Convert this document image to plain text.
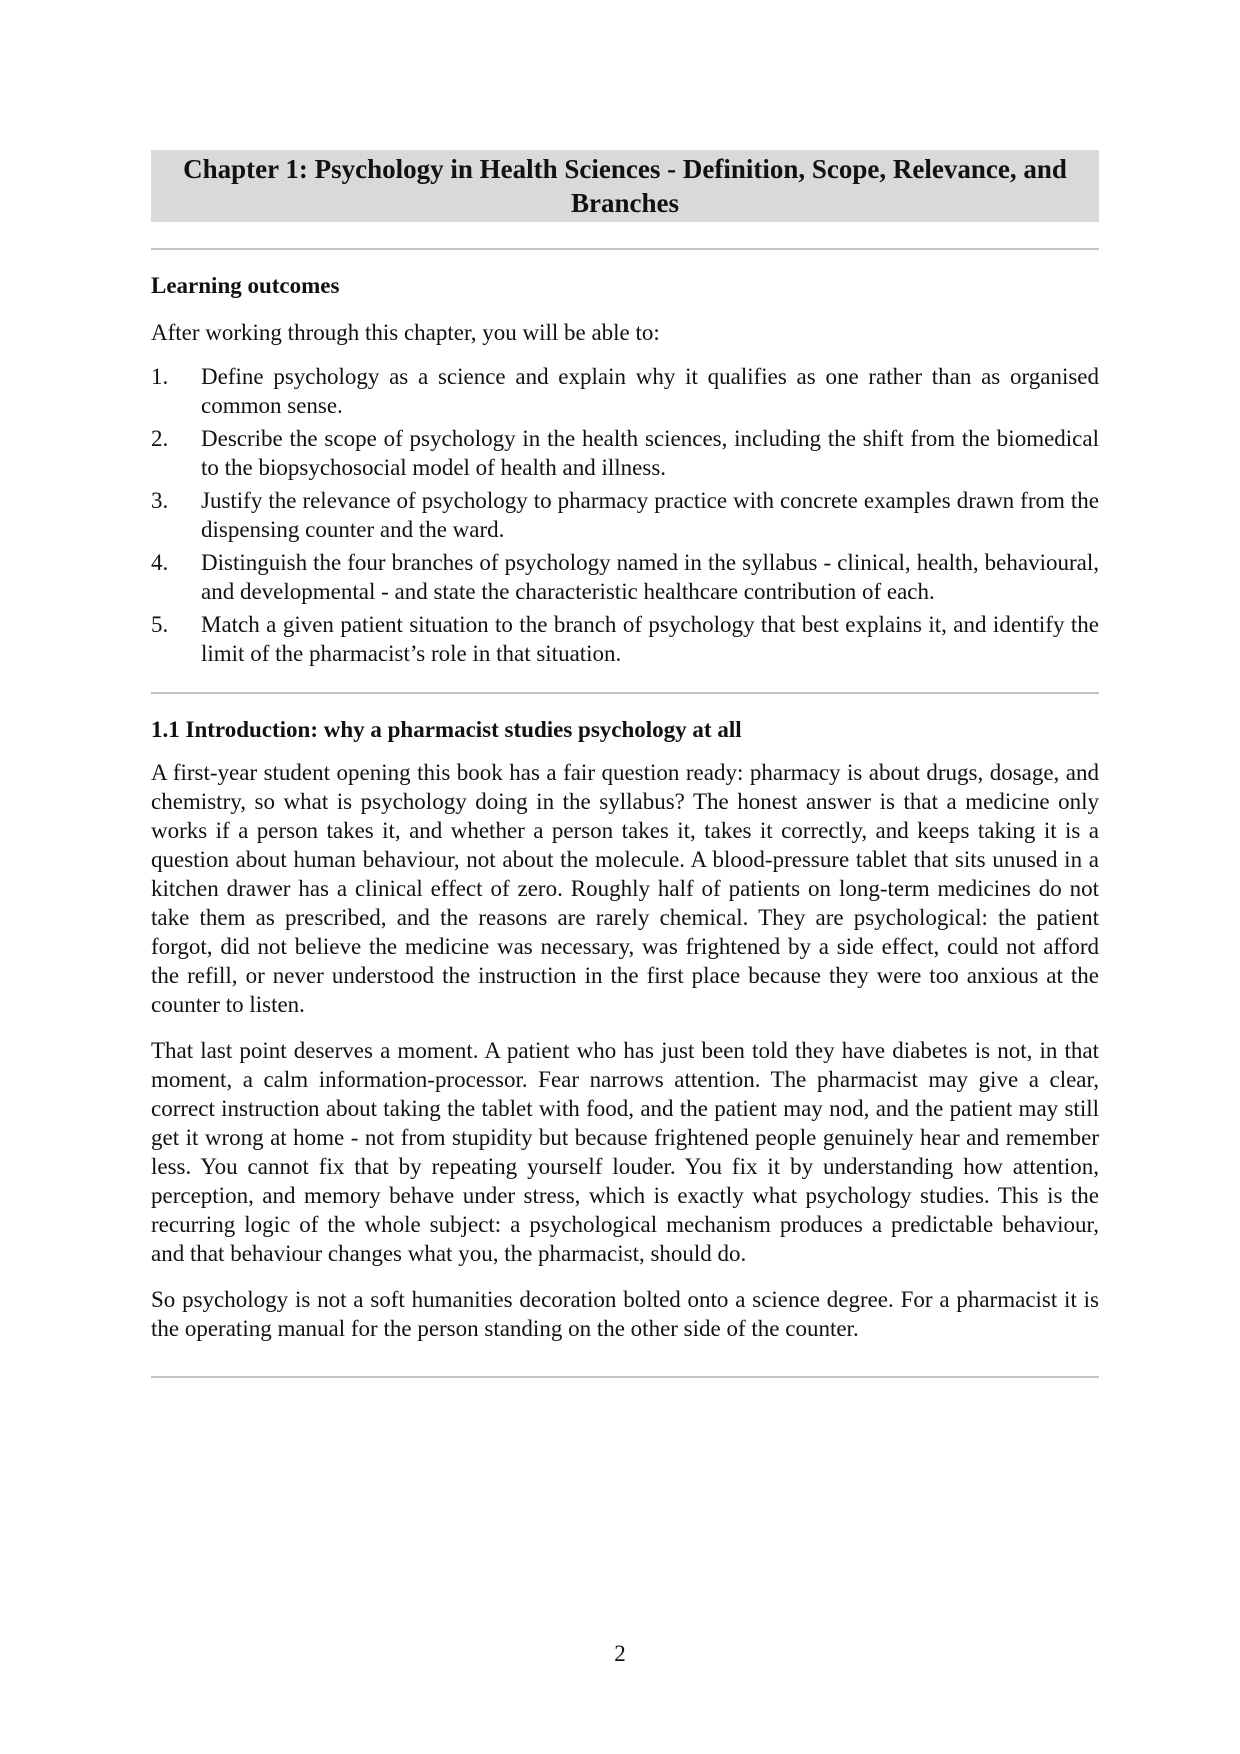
Chapter 1: Psychology in Health Sciences - Definition, Scope, Relevance, and Branches
Learning outcomes

After working through this chapter, you will be able to:

1. Define psychology as a science and explain why it qualifies as one rather than as organised common sense.
2. Describe the scope of psychology in the health sciences, including the shift from the biomedical to the biopsychosocial model of health and illness.
3. Justify the relevance of psychology to pharmacy practice with concrete examples drawn from the dispensing counter and the ward.
4. Distinguish the four branches of psychology named in the syllabus - clinical, health, behavioural, and developmental - and state the characteristic healthcare contribution of each.
5. Match a given patient situation to the branch of psychology that best explains it, and identify the limit of the pharmacist’s role in that situation.
1.1 Introduction: why a pharmacist studies psychology at all

A first-year student opening this book has a fair question ready: pharmacy is about drugs, dosage, and chemistry, so what is psychology doing in the syllabus? The honest answer is that a medicine only works if a person takes it, and whether a person takes it, takes it correctly, and keeps taking it is a question about human behaviour, not about the molecule. A blood-pressure tablet that sits unused in a kitchen drawer has a clinical effect of zero. Roughly half of patients on long-term medicines do not take them as prescribed, and the reasons are rarely chemical. They are psychological: the patient forgot, did not believe the medicine was necessary, was frightened by a side effect, could not afford the refill, or never understood the instruction in the first place because they were too anxious at the counter to listen.

That last point deserves a moment. A patient who has just been told they have diabetes is not, in that moment, a calm information-processor. Fear narrows attention. The pharmacist may give a clear, correct instruction about taking the tablet with food, and the patient may nod, and the patient may still get it wrong at home - not from stupidity but because frightened people genuinely hear and remember less. You cannot fix that by repeating yourself louder. You fix it by understanding how attention, perception, and memory behave under stress, which is exactly what psychology studies. This is the recurring logic of the whole subject: a psychological mechanism produces a predictable behaviour, and that behaviour changes what you, the pharmacist, should do.

So psychology is not a soft humanities decoration bolted onto a science degree. For a pharmacist it is the operating manual for the person standing on the other side of the counter.

2
